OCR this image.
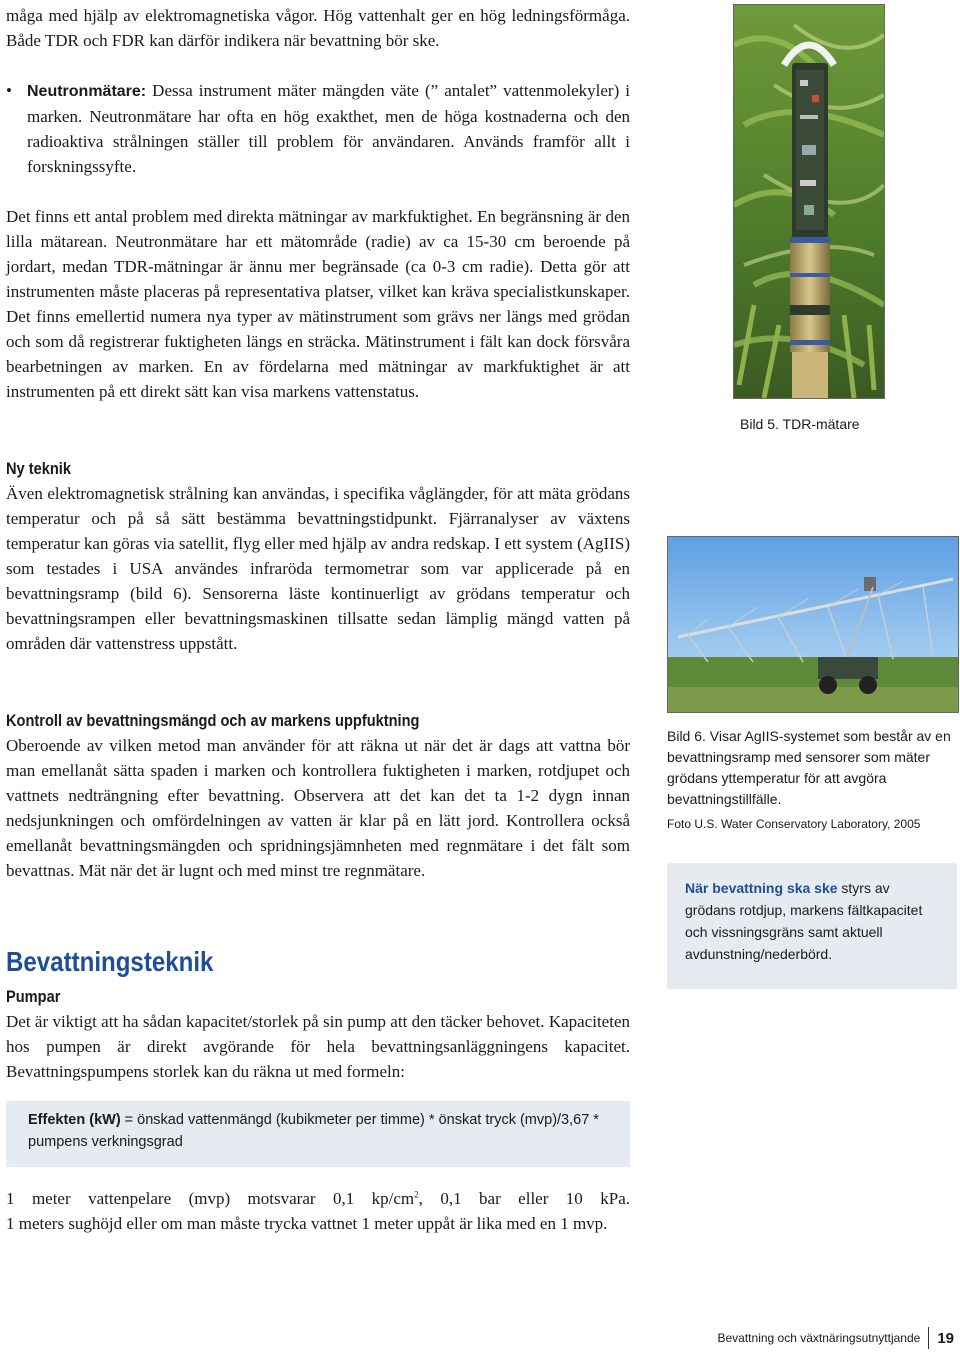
måga med hjälp av elektromagnetiska vågor. Hög vattenhalt ger en hög ledningsförmåga. Både TDR och FDR kan därför indikera när bevattning bör ske.

• Neutronmätare: Dessa instrument mäter mängden väte (” antalet” vattenmolekyler) i marken. Neutronmätare har ofta en hög exakthet, men de höga kostnaderna och den radioaktiva strålningen ställer till problem för användaren. Används framför allt i forskningssyfte.

Det finns ett antal problem med direkta mätningar av markfuktighet. En begränsning är den lilla mätarean. Neutronmätare har ett mätområde (radie) av ca 15-30 cm beroende på jordart, medan TDR-mätningar är ännu mer begränsade (ca 0-3 cm radie). Detta gör att instrumenten måste placeras på representativa platser, vilket kan kräva specialistkunskaper. Det finns emellertid numera nya typer av mätinstrument som grävs ner längs med grödan och som då registrerar fuktigheten längs en sträcka. Mätinstrument i fält kan dock försvåra bearbetningen av marken. En av fördelarna med mätningar av markfuktighet är att instrumenten på ett direkt sätt kan visa markens vattenstatus.

Ny teknik

Även elektromagnetisk strålning kan användas, i specifika våglängder, för att mäta grödans temperatur och på så sätt bestämma bevattningstidpunkt. Fjärranalyser av växtens temperatur kan göras via satellit, flyg eller med hjälp av andra redskap. I ett system (AgIIS) som testades i USA användes infraröda termometrar som var applicerade på en bevattningsramp (bild 6). Sensorerna läste kontinuerligt av grödans temperatur och bevattningsrampen eller bevattningsmaskinen tillsatte sedan lämplig mängd vatten på områden där vattenstress uppstått.

Kontroll av bevattningsmängd och av markens uppfuktning

Oberoende av vilken metod man använder för att räkna ut när det är dags att vattna bör man emellanåt sätta spaden i marken och kontrollera fuktigheten i marken, rotdjupet och vattnets nedträngning efter bevattning. Observera att det kan det ta 1-2 dygn innan nedsjunkningen och omfördelningen av vatten är klar på en lätt jord. Kontrollera också emellanåt bevattningsmängden och spridningsjämnheten med regnmätare i det fält som bevattnas. Mät när det är lugnt och med minst tre regnmätare.

Bevattningsteknik
Pumpar

Det är viktigt att ha sådan kapacitet/storlek på sin pump att den täcker behovet. Kapaciteten hos pumpen är direkt avgörande för hela bevattningsanläggningens kapacitet. Bevattningspumpens storlek kan du räkna ut med formeln:

Effekten (kW) = önskad vattenmängd (kubikmeter per timme) * önskat tryck (mvp)/3,67 * pumpens verkningsgrad

1 meter vattenpelare (mvp) motsvarar 0,1 $kp/cm^2$, 0,1 bar eller 10 kPa.

1 meters sughöjd eller om man måste trycka vattnet 1 meter uppåt är lika med en 1 mvp.

Bild 5. TDR-mätare
Bild 6. Visar AgIIS-systemet som består av en bevattningsramp med sensorer som mäter grödans yttemperatur för att avgöra bevattningstillfälle.
Foto U.S. Water Conservatory Laboratory, 2005
När bevattning ska ske styrs av grödans rotdjup, markens fältkapacitet och vissningsgräns samt aktuell avdunstning/nederbörd.
Bevattning och växtnäringsutnyttjande 19
